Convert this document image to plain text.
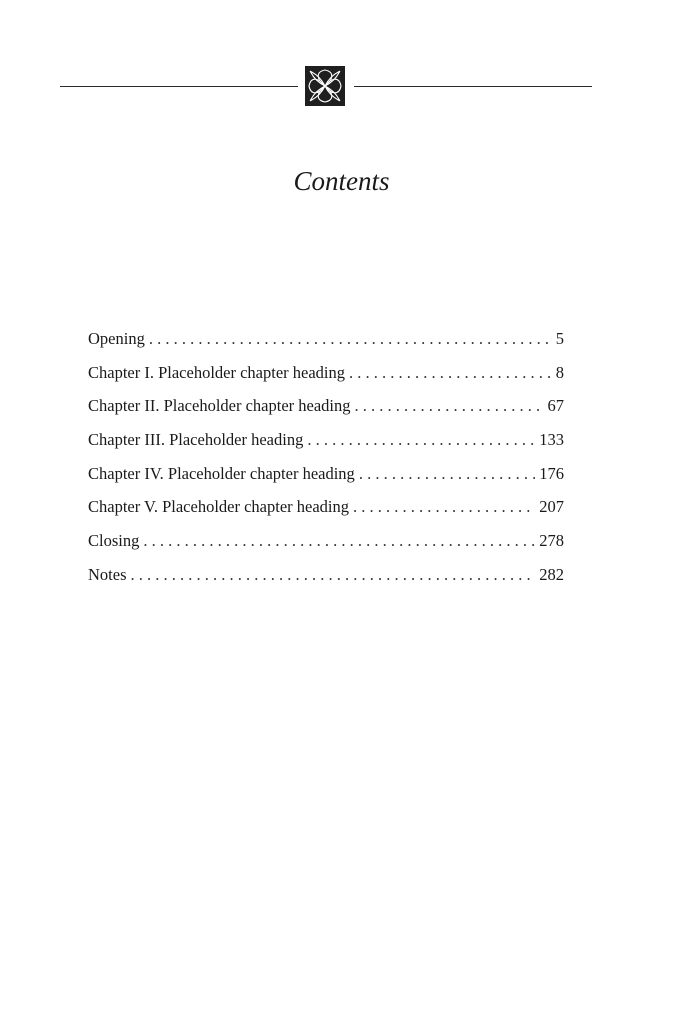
Contents
Opening . . .	5
Chapter I. Placeholder chapter heading . . .	8
Chapter II. Placeholder chapter heading . . .	67
Chapter III. Placeholder heading . . .	133
Chapter IV. Placeholder chapter heading . . .	176
Chapter V. Placeholder chapter heading . . .	207
Closing . . .	278
Notes . . .	282
